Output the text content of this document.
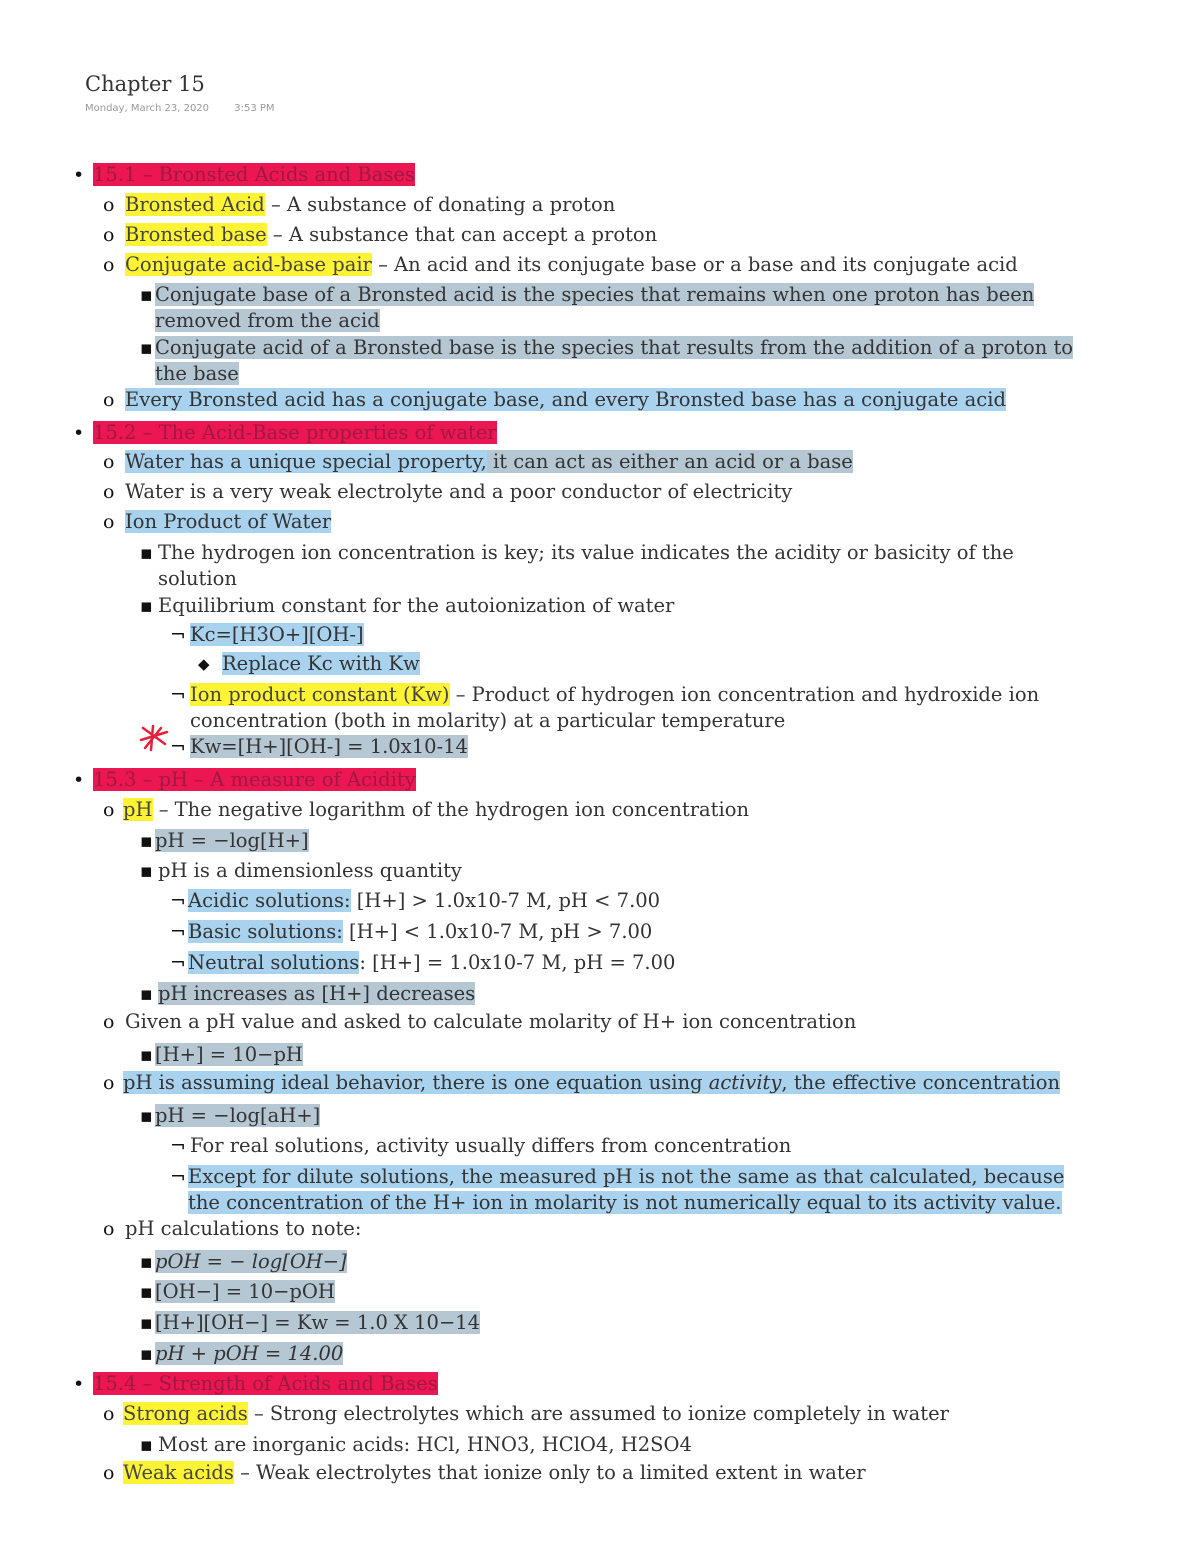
Chapter 15
Monday, March 23, 2020	3:53 PM
• 15.1 – Bronsted Acids and Bases
o Bronsted Acid – A substance of donating a proton
o Bronsted base – A substance that can accept a proton
o Conjugate acid-base pair – An acid and its conjugate base or a base and its conjugate acid
▪ Conjugate base of a Bronsted acid is the species that remains when one proton has been
removed from the acid
▪ Conjugate acid of a Bronsted base is the species that results from the addition of a proton to
the base
o Every Bronsted acid has a conjugate base, and every Bronsted base has a conjugate acid
• 15.2 – The Acid-Base properties of water
o Water has a unique special property, it can act as either an acid or a base
o Water is a very weak electrolyte and a poor conductor of electricity
o Ion Product of Water
▪ The hydrogen ion concentration is key; its value indicates the acidity or basicity of the
solution
▪ Equilibrium constant for the autoionization of water
¬ Kc=[H3O+][OH-]
◆ Replace Kc with Kw
¬ Ion product constant (Kw) – Product of hydrogen ion concentration and hydroxide ion
concentration (both in molarity) at a particular temperature
¬ Kw=[H+][OH-] = 1.0x10-14
• 15.3 – pH – A measure of Acidity
o pH – The negative logarithm of the hydrogen ion concentration
▪ pH = −log[H+]
▪ pH is a dimensionless quantity
¬ Acidic solutions: [H+] > 1.0x10-7 M, pH < 7.00
¬ Basic solutions: [H+] < 1.0x10-7 M, pH > 7.00
¬ Neutral solutions: [H+] = 1.0x10-7 M, pH = 7.00
▪ pH increases as [H+] decreases
o Given a pH value and asked to calculate molarity of H+ ion concentration
▪ [H+] = 10−pH
o pH is assuming ideal behavior, there is one equation using activity, the effective concentration
▪ pH = −log[aH+]
¬ For real solutions, activity usually differs from concentration
¬ Except for dilute solutions, the measured pH is not the same as that calculated, because
the concentration of the H+ ion in molarity is not numerically equal to its activity value.
o pH calculations to note:
▪ pOH = − log[OH−]
▪ [OH−] = 10−pOH
▪ [H+][OH−] = Kw = 1.0 X 10−14
▪ pH + pOH = 14.00
• 15.4 – Strength of Acids and Bases
o Strong acids – Strong electrolytes which are assumed to ionize completely in water
▪ Most are inorganic acids: HCl, HNO3, HClO4, H2SO4
o Weak acids – Weak electrolytes that ionize only to a limited extent in water
